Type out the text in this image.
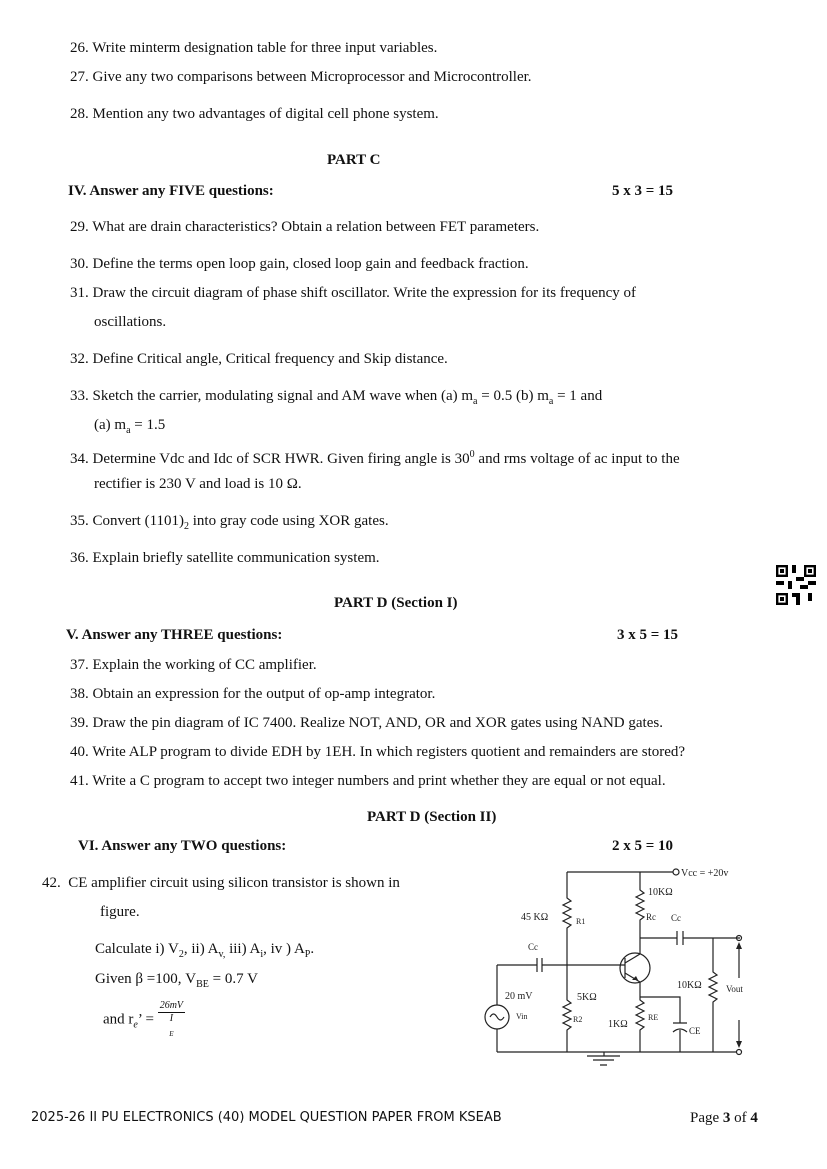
26. Write minterm designation table for three input variables.
27. Give any two comparisons between Microprocessor and Microcontroller.
28. Mention any two advantages of digital cell phone system.
PART C
IV. Answer any FIVE questions:	5 x 3 = 15
29. What are drain characteristics? Obtain a relation between FET parameters.
30. Define the terms open loop gain, closed loop gain and feedback fraction.
31. Draw the circuit diagram of phase shift oscillator. Write the expression for its frequency of
oscillations.
32. Define Critical angle, Critical frequency and Skip distance.
33. Sketch the carrier, modulating signal and AM wave when (a) $m_a = 0.5$ (b) $m_a = 1$ and
(a) $m_a = 1.5$
34. Determine Vdc and Idc of SCR HWR. Given firing angle is $30^0$ and rms voltage of ac input to the
rectifier is 230 V and load is 10 Ω.
35. Convert $(1101)_2$ into gray code using XOR gates.
36. Explain briefly satellite communication system.
PART D (Section I)
V. Answer any THREE questions:	3 x 5 = 15
37. Explain the working of CC amplifier.
38. Obtain an expression for the output of op-amp integrator.
39. Draw the pin diagram of IC 7400. Realize NOT, AND, OR and XOR gates using NAND gates.
40. Write ALP program to divide EDH by 1EH. In which registers quotient and remainders are stored?
41. Write a C program to accept two integer numbers and print whether they are equal or not equal.
PART D (Section II)
VI. Answer any TWO questions:	2 x 5 = 10
42. CE amplifier circuit using silicon transistor is shown in
figure.
Calculate i) $V_2$, ii) $A_{v,}$ iii) $A_i$, iv ) $A_P$.
Given β =100, $V_{BE} = 0.7$ V
and $r_e$’ = 26mV
I
$_E$
Vcc = +20v
10KΩ
45 KΩ	R1	Rc Cc
Cc
20 mV
Vin
5KΩ
R2	1KΩ
RE
10KΩ	Vout
CE
2025-26 II PU ELECTRONICS (40) MODEL QUESTION PAPER FROM KSEAB	Page 3 of 4
